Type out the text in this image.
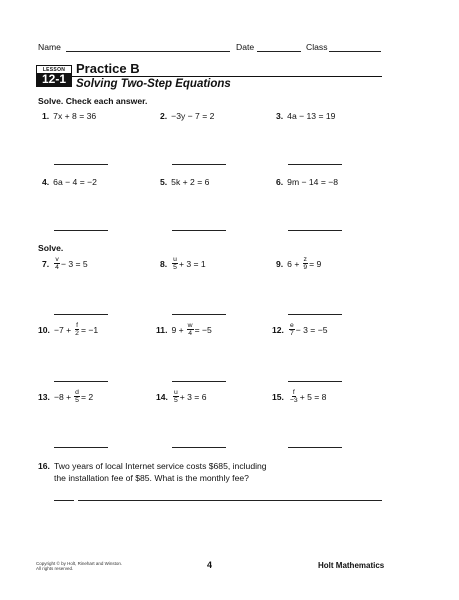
Name	Date	Class
LESSON
12-1
Practice B
Solving Two-Step Equations
Solve. Check each answer.
1. 7x + 8 = 36	2. −3y − 7 = 2	3. 4a − 13 = 19
4. 6a − 4 = −2	5. 5k + 2 = 6	6. 9m − 14 = −8
Solve.
7. $\frac{v}{4} - 3 = 5$	8. $\frac{u}{5} + 3 = 1$	9. $6 + \frac{z}{9} = 9$
10. $-7 + \frac{f}{2} = -1$	11. $9 + \frac{w}{4} = -5$	12. $\frac{e}{7} - 3 = -5$
13. $-8 + \frac{d}{5} = 2$	14. $\frac{u}{5} + 3 = 6$	15. $\frac{f}{-3} + 5 = 8$
16. Two years of local Internet service costs $685, including
the installation fee of $85. What is the monthly fee?
Copyright © by Holt, Rinehart and Winston.
All rights reserved.	4	Holt Mathematics
